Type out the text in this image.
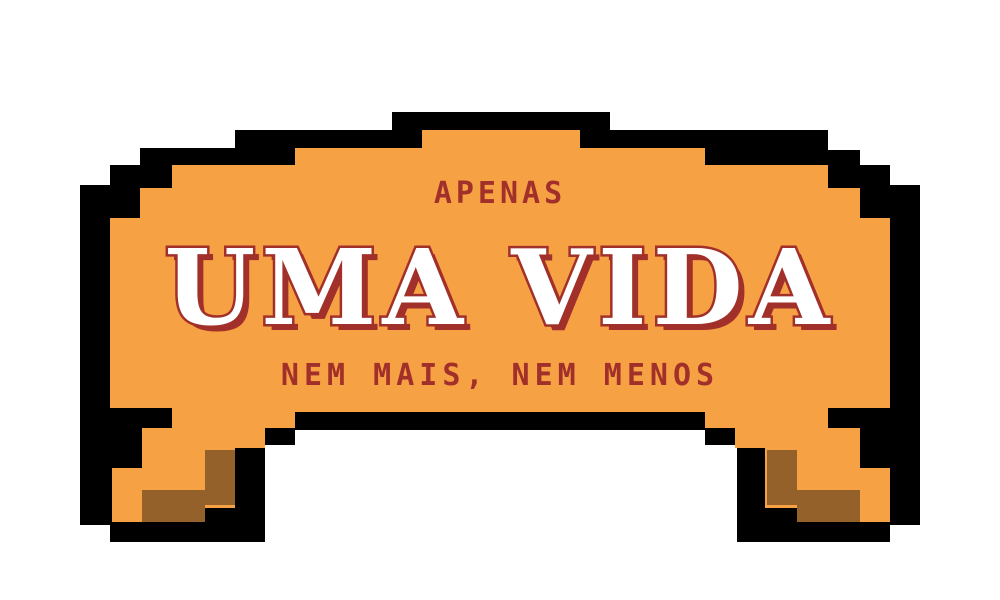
APENAS

UMA VIDA

NEM MAIS, NEM MENOS
